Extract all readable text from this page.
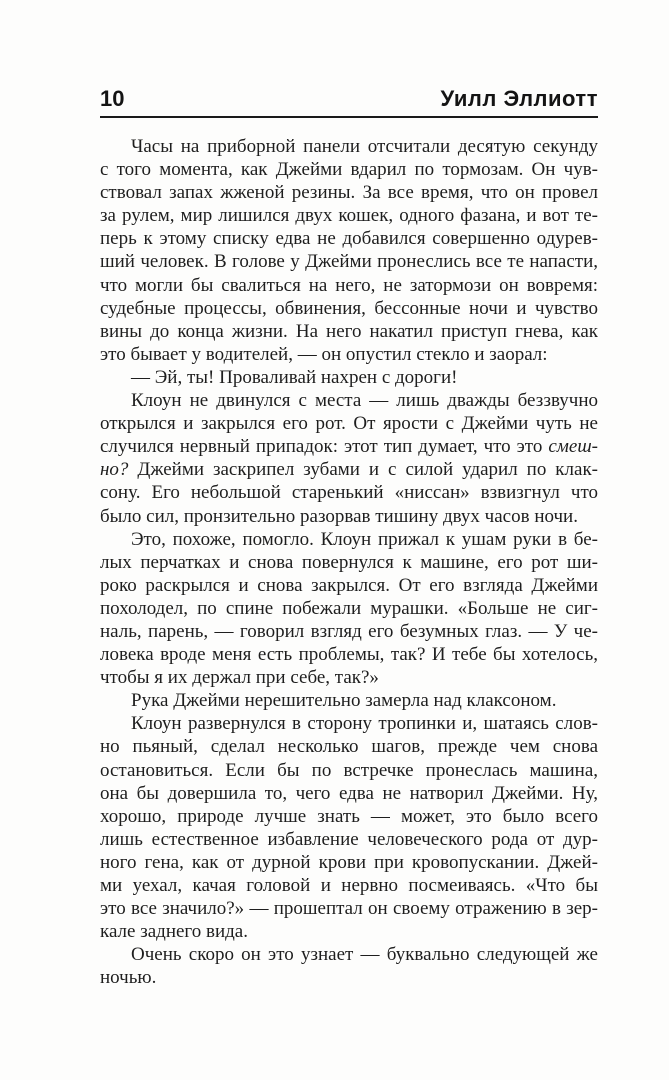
10	Уилл Эллиотт

Часы на приборной панели отсчитали десятую секунду
с того момента, как Джейми вдарил по тормозам. Он чув-
ствовал запах жженой резины. За все время, что он провел
за рулем, мир лишился двух кошек, одного фазана, и вот те-
перь к этому списку едва не добавился совершенно одурев-
ший человек. В голове у Джейми пронеслись все те напасти,
что могли бы свалиться на него, не затормози он вовремя:
судебные процессы, обвинения, бессонные ночи и чувство
вины до конца жизни. На него накатил приступ гнева, как
это бывает у водителей, — он опустил стекло и заорал:

— Эй, ты! Проваливай нахрен с дороги!

Клоун не двинулся с места — лишь дважды беззвучно
открылся и закрылся его рот. От ярости с Джейми чуть не
случился нервный припадок: этот тип думает, что это смеш-
но? Джейми заскрипел зубами и с силой ударил по клак-
сону. Его небольшой старенький «ниссан» взвизгнул что
было сил, пронзительно разорвав тишину двух часов ночи.

Это, похоже, помогло. Клоун прижал к ушам руки в бе-
лых перчатках и снова повернулся к машине, его рот ши-
роко раскрылся и снова закрылся. От его взгляда Джейми
похолодел, по спине побежали мурашки. «Больше не сиг-
наль, парень, — говорил взгляд его безумных глаз. — У че-
ловека вроде меня есть проблемы, так? И тебе бы хотелось,
чтобы я их держал при себе, так?»

Рука Джейми нерешительно замерла над клаксоном.

Клоун развернулся в сторону тропинки и, шатаясь слов-
но пьяный, сделал несколько шагов, прежде чем снова
остановиться. Если бы по встречке пронеслась машина,
она бы довершила то, чего едва не натворил Джейми. Ну,
хорошо, природе лучше знать — может, это было всего
лишь естественное избавление человеческого рода от дур-
ного гена, как от дурной крови при кровопускании. Джей-
ми уехал, качая головой и нервно посмеиваясь. «Что бы
это все значило?» — прошептал он своему отражению в зер-
кале заднего вида.

Очень скоро он это узнает — буквально следующей же
ночью.
